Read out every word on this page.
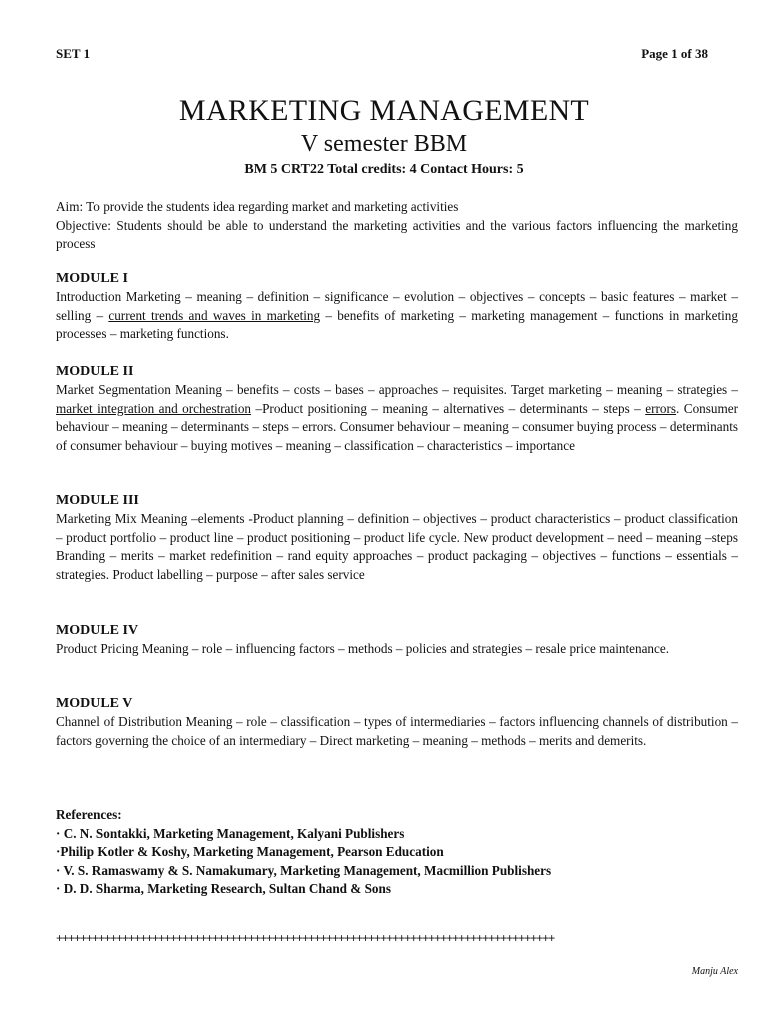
SET 1	Page 1 of 38
MARKETING MANAGEMENT
V semester BBM
BM 5 CRT22 Total credits: 4 Contact Hours: 5
Aim: To provide the students idea regarding market and marketing activities
Objective: Students should be able to understand the marketing activities and the various factors influencing the marketing process
MODULE I
Introduction Marketing – meaning – definition – significance – evolution – objectives – concepts – basic features – market – selling – current trends and waves in marketing – benefits of marketing – marketing management – functions in marketing processes – marketing functions.
MODULE II
Market Segmentation Meaning – benefits – costs – bases – approaches – requisites. Target marketing – meaning – strategies – market integration and orchestration –Product positioning – meaning – alternatives – determinants – steps – errors. Consumer behaviour – meaning – determinants – steps – errors. Consumer behaviour – meaning – consumer buying process – determinants of consumer behaviour – buying motives – meaning – classification – characteristics – importance
MODULE III
Marketing Mix Meaning –elements -Product planning – definition – objectives – product characteristics – product classification – product portfolio – product line – product positioning – product life cycle. New product development – need – meaning –steps Branding – merits – market redefinition – rand equity approaches – product packaging – objectives – functions – essentials – strategies. Product labelling – purpose – after sales service
MODULE IV
Product Pricing Meaning – role – influencing factors – methods – policies and strategies – resale price maintenance.
MODULE V
Channel of Distribution Meaning – role – classification – types of intermediaries – factors influencing channels of distribution – factors governing the choice of an intermediary – Direct marketing – meaning – methods – merits and demerits.
References:
· C. N. Sontakki, Marketing Management, Kalyani Publishers
·Philip Kotler & Koshy, Marketing Management, Pearson Education
· V. S. Ramaswamy & S. Namakumary, Marketing Management, Macmillion Publishers
· D. D. Sharma, Marketing Research, Sultan Chand & Sons
+++++++++++++++++++++++++++++++++++++++++++++++++++++++++++++++++++++++++++++++++++
Manju Alex
